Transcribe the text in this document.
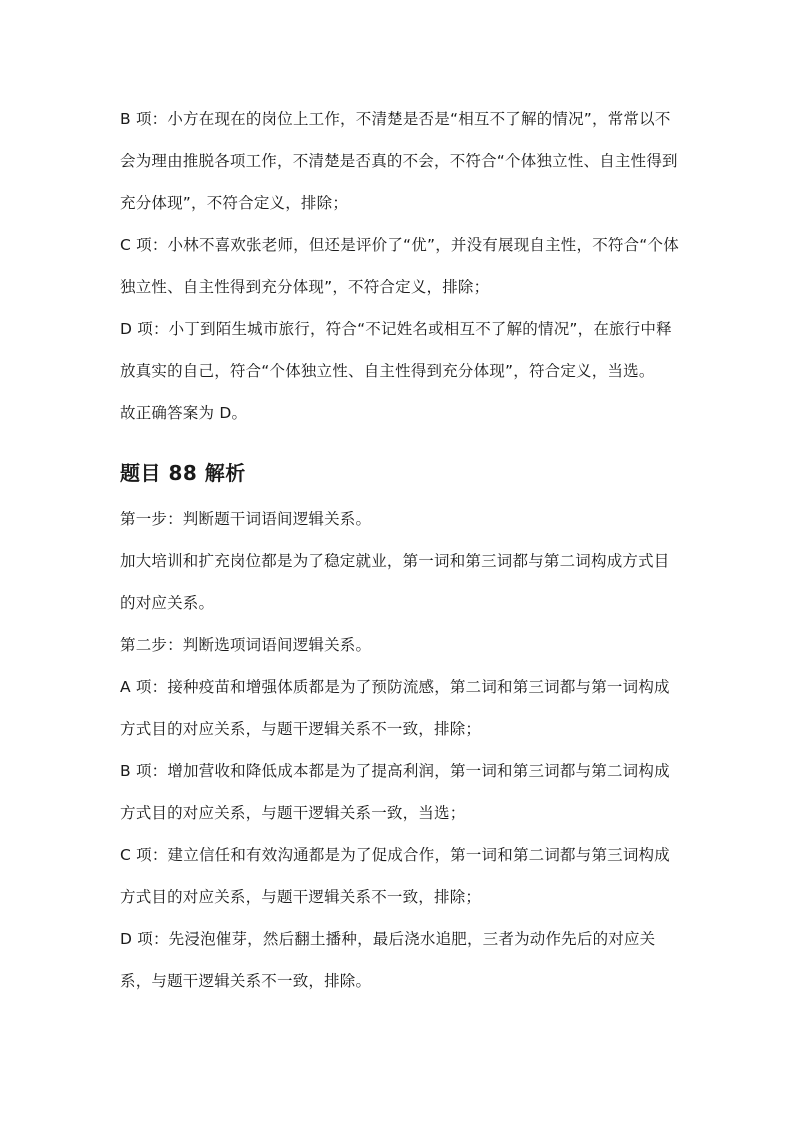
B 项：小方在现在的岗位上工作，不清楚是否是“相互不了解的情况”，常常以不会为理由推脱各项工作，不清楚是否真的不会，不符合“个体独立性、自主性得到充分体现”，不符合定义，排除；

C 项：小林不喜欢张老师，但还是评价了“优”，并没有展现自主性，不符合“个体独立性、自主性得到充分体现”，不符合定义，排除；

D 项：小丁到陌生城市旅行，符合“不记姓名或相互不了解的情况”，在旅行中释放真实的自己，符合“个体独立性、自主性得到充分体现”，符合定义，当选。

故正确答案为 D。

题目 88 解析

第一步：判断题干词语间逻辑关系。

加大培训和扩充岗位都是为了稳定就业，第一词和第三词都与第二词构成方式目的对应关系。

第二步：判断选项词语间逻辑关系。

A 项：接种疫苗和增强体质都是为了预防流感，第二词和第三词都与第一词构成方式目的对应关系，与题干逻辑关系不一致，排除；

B 项：增加营收和降低成本都是为了提高利润，第一词和第三词都与第二词构成方式目的对应关系，与题干逻辑关系一致，当选；

C 项：建立信任和有效沟通都是为了促成合作，第一词和第二词都与第三词构成方式目的对应关系，与题干逻辑关系不一致，排除；

D 项：先浸泡催芽，然后翻土播种，最后浇水追肥，三者为动作先后的对应关系，与题干逻辑关系不一致，排除。
